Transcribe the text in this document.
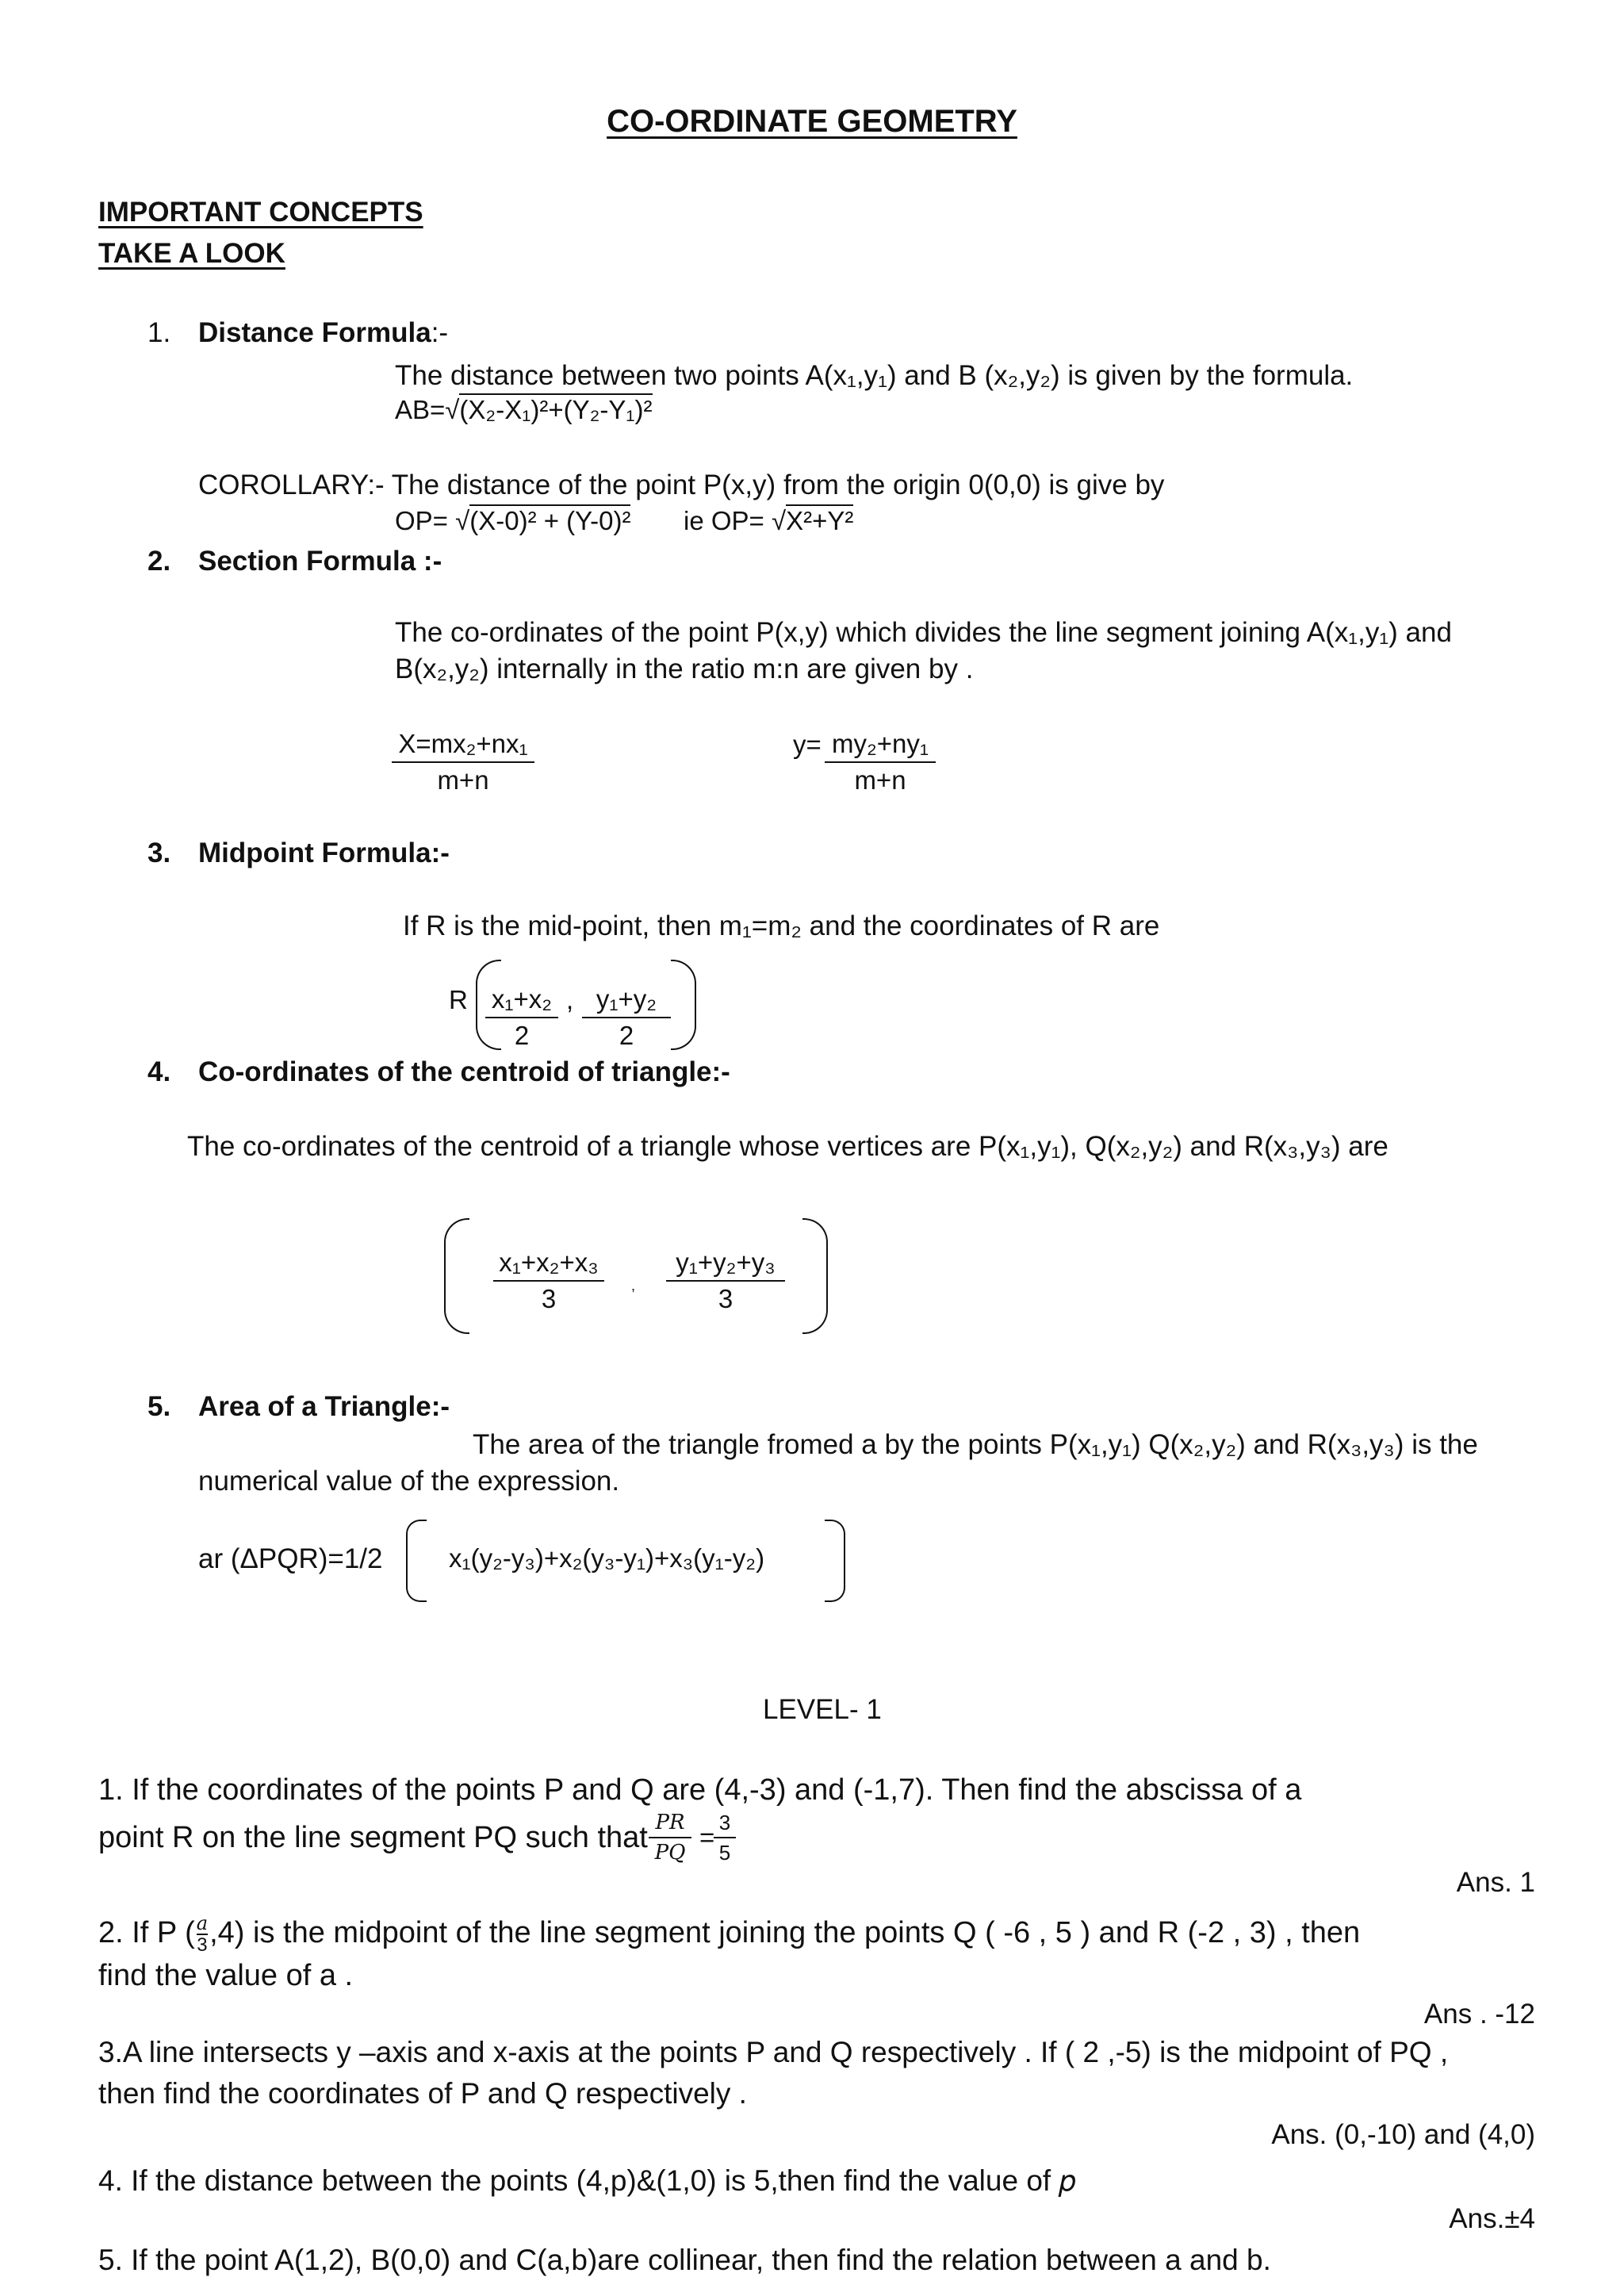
CO-ORDINATE GEOMETRY
IMPORTANT CONCEPTS
TAKE A LOOK
1. Distance Formula:-
The distance between two points A(x₁,y₁) and B (x₂,y₂) is given by the formula.
AB=√(X₂-X₁)²+(Y₂-Y₁)²
COROLLARY:- The distance of the point P(x,y) from the origin 0(0,0) is give by
OP= √(X-0)² + (Y-0)² ie OP= √X²+Y²
2. Section Formula :-
The co-ordinates of the point P(x,y) which divides the line segment joining A(x₁,y₁) and
B(x₂,y₂) internally in the ratio m:n are given by .
$\frac{\text{X=mx₂+nx₁}}{m+n}$	$y= \frac{\text{my₂+ny₁}}{m+n}$
3. Midpoint Formula:-
If R is the mid-point, then m₁=m₂ and the coordinates of R are
R $\frac{\text{x₁+x₂}}{2}$ , $\frac{\text{y₁+y₂}}{2}$
4. Co-ordinates of the centroid of triangle:-
The co-ordinates of the centroid of a triangle whose vertices are P(x₁,y₁), Q(x₂,y₂) and R(x₃,y₃) are
$\frac{\text{x₁+x₂+x₃}}{3}$ , $\frac{\text{y₁+y₂+y₃}}{3}$
5. Area of a Triangle:-
The area of the triangle fromed a by the points P(x₁,y₁) Q(x₂,y₂) and R(x₃,y₃) is the
numerical value of the expression.
ar (ΔPQR)=1/2	x₁(y₂-y₃)+x₂(y₃-y₁)+x₃(y₁-y₂)
LEVEL- 1
1. If the coordinates of the points P and Q are (4,-3) and (-1,7). Then find the abscissa of a
point R on the line segment PQ such that $\frac{PR}{PQ}$ =
$\frac{3}{5}$
Ans. 1
2. If P ( $\frac{a}{3} ,4$) is the midpoint of the line segment joining the points Q ( -6 , 5 ) and R (-2 , 3) , then
find the value of a .
Ans . -12
3.A line intersects y –axis and x-axis at the points P and Q respectively . If ( 2 ,-5) is the midpoint of PQ ,
then find the coordinates of P and Q respectively .
Ans. (0,-10) and (4,0)
4. If the distance between the points (4,p)&(1,0) is 5,then find the value of 𝑝
Ans.±4
5. If the point A(1,2), B(0,0) and C(a,b)are collinear, then find the relation between a and b.
